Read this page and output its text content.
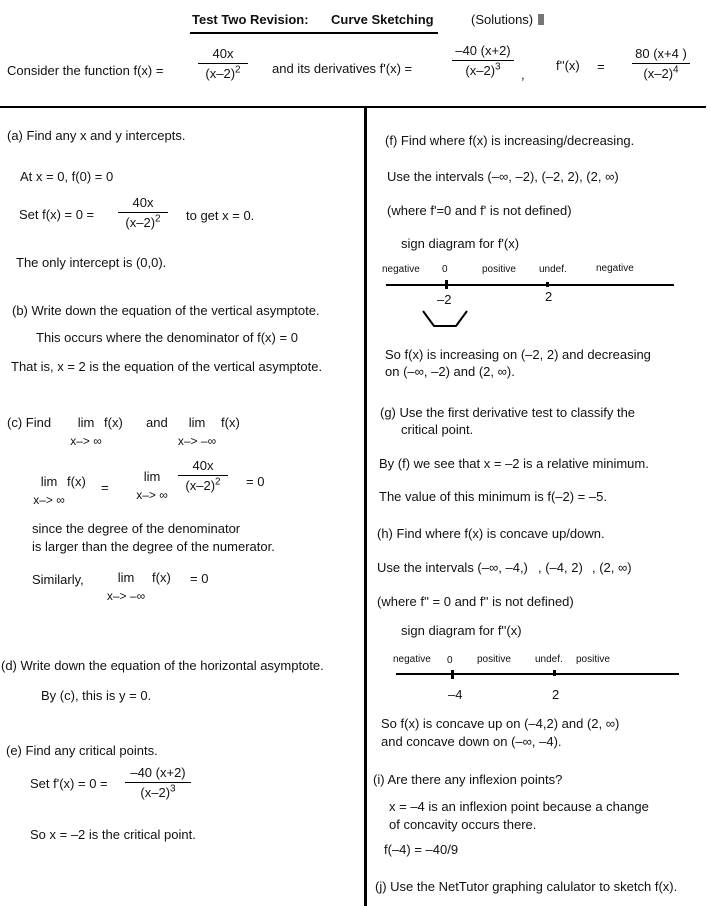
Test Two Revision: Curve Sketching	(Solutions)
Consider the function f(x) =	$\frac{40x}{(x-2)^2}$ and its derivatives f'(x) =	$\frac{-40 (x+2)}{(x-2)^3}$ ,
$f''(x) = \frac{80 (x+4 )}{(x-2)^4}$
(a) Find any x and y intercepts.
At x = 0, f(0) = 0
Set $f(x) = 0 = \frac{40x}{(x-2)^2}$ to get x = 0.
The only intercept is (0,0).
(b) Write down the equation of the vertical asymptote.
This occurs where the denominator of f(x) = 0
That is, x = 2 is the equation of the vertical asymptote.
(c) Find	lim
x–> ∞
f(x) and	lim
x–> –∞
f(x)
lim
x–> ∞
f(x) =
lim
x–> ∞
$\frac{40x}{(x-2)^2} = 0$
since the degree of the denominator
is larger than the degree of the numerator.
Similarly,	lim
x–> –∞
f(x) = 0
(d) Write down the equation of the horizontal asymptote.
By (c), this is y = 0.
(e) Find any critical points.
Set $f'(x) = 0 = \frac{-40 (x+2)}{(x-2)^3}$
So x = –2 is the critical point.
(f) Find where f(x) is increasing/decreasing.
Use the intervals (–∞, –2), (–2, 2), (2, ∞)
(where f'=0 and f' is not defined)
sign diagram for f'(x)
negative 0	positive undef.	negative
–2	2
So f(x) is increasing on (–2, 2) and decreasing
on (–∞, –2) and (2, ∞).
(g) Use the first derivative test to classify the
critical point.
By (f) we see that x = –2 is a relative minimum.
The value of this minimum is f(–2) = –5.
(h) Find where f(x) is concave up/down.
Use the intervals (–∞, –4,) , (–4, 2) , (2, ∞)
(where f'' = 0 and f'' is not defined)
sign diagram for f''(x)
negative 0 positive undef. positive
–4	2
So f(x) is concave up on (–4,2) and (2, ∞)
and concave down on (–∞, –4).
(i) Are there any inflexion points?
x = –4 is an inflexion point because a change
of concavity occurs there.
f(–4) = –40/9
(j) Use the NetTutor graphing calulator to sketch f(x).
